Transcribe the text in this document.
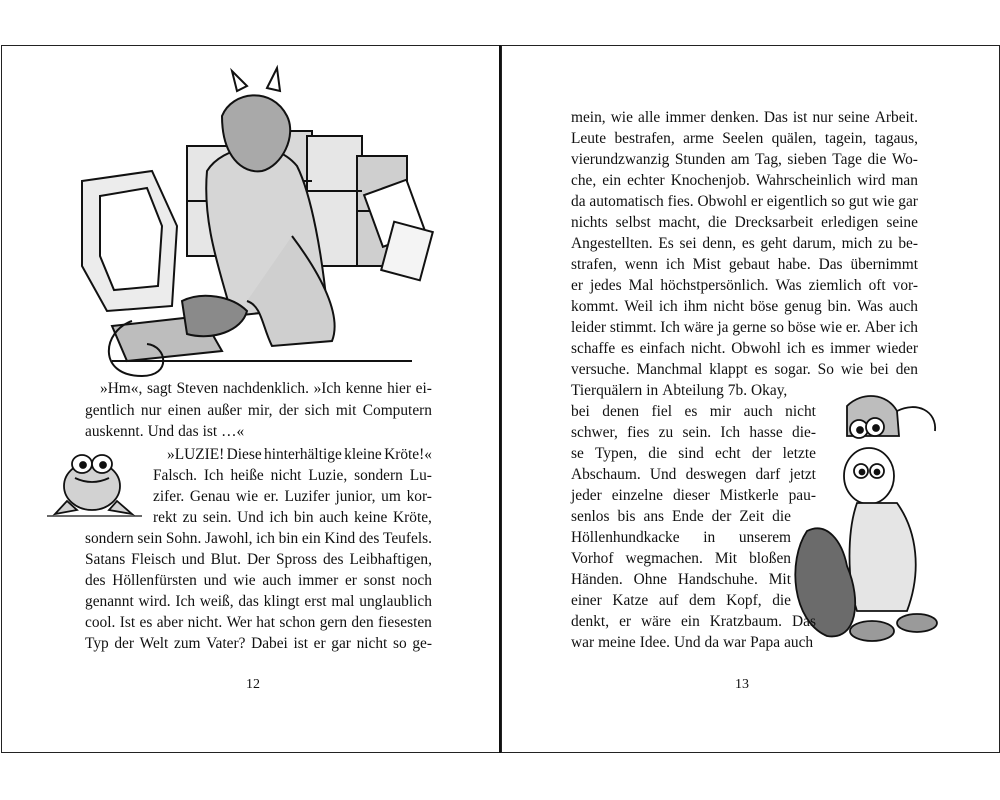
»Hm«, sagt Steven nachdenklich. »Ich kenne hier ei-
gentlich nur einen außer mir, der sich mit Computern
auskennt. Und das ist …«
»LUZIE! Diese hinterhältige kleine Kröte!«
Falsch. Ich heiße nicht Luzie, sondern Lu-
zifer. Genau wie er. Luzifer junior, um kor-
rekt zu sein. Und ich bin auch keine Kröte,
sondern sein Sohn. Jawohl, ich bin ein Kind des Teufels.
Satans Fleisch und Blut. Der Spross des Leibhaftigen,
des Höllenfürsten und wie auch immer er sonst noch
genannt wird. Ich weiß, das klingt erst mal unglaublich
cool. Ist es aber nicht. Wer hat schon gern den fiesesten
Typ der Welt zum Vater? Dabei ist er gar nicht so ge-
12
mein, wie alle immer denken. Das ist nur seine Arbeit.
Leute bestrafen, arme Seelen quälen, tagein, tagaus,
vierundzwanzig Stunden am Tag, sieben Tage die Wo-
che, ein echter Knochenjob. Wahrscheinlich wird man
da automatisch fies. Obwohl er eigentlich so gut wie gar
nichts selbst macht, die Drecksarbeit erledigen seine
Angestellten. Es sei denn, es geht darum, mich zu be-
strafen, wenn ich Mist gebaut habe. Das übernimmt
er jedes Mal höchstpersönlich. Was ziemlich oft vor-
kommt. Weil ich ihm nicht böse genug bin. Was auch
leider stimmt. Ich wäre ja gerne so böse wie er. Aber ich
schaffe es einfach nicht. Obwohl ich es immer wieder
versuche. Manchmal klappt es sogar. So wie bei den
Tierquälern in Abteilung 7b. Okay,
bei denen fiel es mir auch nicht
schwer, fies zu sein. Ich hasse die-
se Typen, die sind echt der letzte
Abschaum. Und deswegen darf jetzt
jeder einzelne dieser Mistkerle pau-
senlos bis ans Ende der Zeit die
Höllenhundkacke in unserem
Vorhof wegmachen. Mit bloßen
Händen. Ohne Handschuhe. Mit
einer Katze auf dem Kopf, die
denkt, er wäre ein Kratzbaum. Das
war meine Idee. Und da war Papa auch
13
